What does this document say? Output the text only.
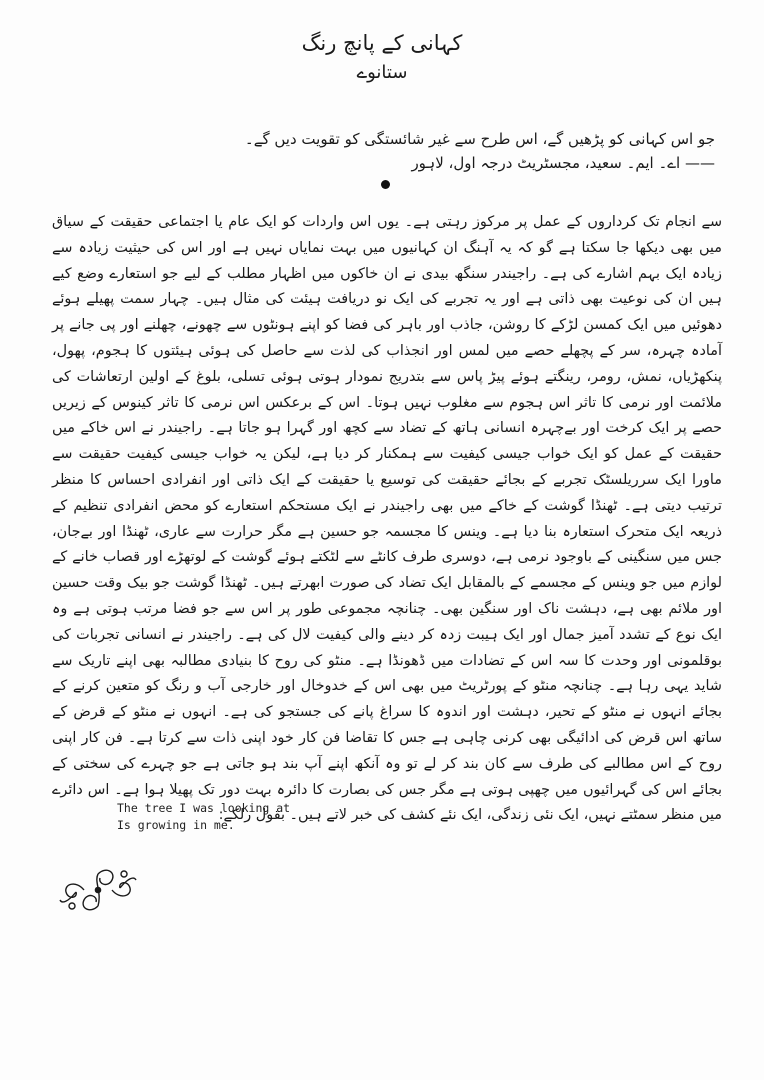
کہانی کے پانچ رنگ
ستانوے
جو اس کہانی کو پڑھیں گے، اس طرح سے غیر شائستگی کو تقویت دیں گے۔
—— اے۔ ایم۔ سعید، مجسٹریٹ درجہ اول، لاہور

سے انجام تک کرداروں کے عمل پر مرکوز رہتی ہے۔ یوں اس واردات کو ایک عام یا اجتماعی حقیقت کے سیاق میں بھی دیکھا جا سکتا ہے گو کہ یہ آہنگ ان کہانیوں میں بہت نمایاں نہیں ہے اور اس کی حیثیت زیادہ سے زیادہ ایک بہم اشارے کی ہے۔ راجیندر سنگھ بیدی نے ان خاکوں میں اظہار مطلب کے لیے جو استعارے وضع کیے ہیں ان کی نوعیت بھی ذاتی ہے اور یہ تجربے کی ایک نو دریافت ہیئت کی مثال ہیں۔ چہار سمت پھیلے ہوئے دھوئیں میں ایک کمسن لڑکے کا روشن، جاذب اور باہر کی فضا کو اپنے ہونٹوں سے چھونے، چھلنے اور پی جانے پر آمادہ چہرہ، سر کے پچھلے حصے میں لمس اور انجذاب کی لذت سے حاصل کی ہوئی ہیئتوں کا ہجوم، پھول، پنکھڑیاں، نمش، رومر، رینگتے ہوئے پیڑ پاس سے بتدریج نمودار ہوتی ہوئی تسلی، بلوغ کے اولین ارتعاشات کی ملائمت اور نرمی کا تاثر اس ہجوم سے مغلوب نہیں ہوتا۔ اس کے برعکس اس نرمی کا تاثر کینوس کے زیریں حصے پر ایک کرخت اور بےچہرہ انسانی ہاتھ کے تضاد سے کچھ اور گہرا ہو جاتا ہے۔ راجیندر نے اس خاکے میں حقیقت کے عمل کو ایک خواب جیسی کیفیت سے ہمکنار کر دیا ہے، لیکن یہ خواب جیسی کیفیت حقیقت سے ماورا ایک سرریلسٹک تجربے کے بجائے حقیقت کی توسیع یا حقیقت کے ایک ذاتی اور انفرادی احساس کا منظر ترتیب دیتی ہے۔ ٹھنڈا گوشت کے خاکے میں بھی راجیندر نے ایک مستحکم استعارے کو محض انفرادی تنظیم کے ذریعہ ایک متحرک استعارہ بنا دیا ہے۔ وینس کا مجسمہ جو حسین ہے مگر حرارت سے عاری، ٹھنڈا اور بےجان، جس میں سنگینی کے باوجود نرمی ہے، دوسری طرف کانٹے سے لٹکتے ہوئے گوشت کے لوتھڑے اور قصاب خانے کے لوازم میں جو وینس کے مجسمے کے بالمقابل ایک تضاد کی صورت ابھرتے ہیں۔ ٹھنڈا گوشت جو بیک وقت حسین اور ملائم بھی ہے، دہشت ناک اور سنگین بھی۔ چنانچہ مجموعی طور پر اس سے جو فضا مرتب ہوتی ہے وہ ایک نوع کے تشدد آمیز جمال اور ایک ہیبت زدہ کر دینے والی کیفیت لال کی ہے۔ راجیندر نے انسانی تجربات کی بوقلمونی اور وحدت کا سہ اس کے تضادات میں ڈھونڈا ہے۔ منٹو کی روح کا بنیادی مطالبہ بھی اپنے تاریک سے شاید یہی رہا ہے۔ چنانچہ منٹو کے پورٹریٹ میں بھی اس کے خدوخال اور خارجی آب و رنگ کو متعین کرنے کے بجائے انہوں نے منٹو کے تحیر، دہشت اور اندوہ کا سراغ پانے کی جستجو کی ہے۔ انہوں نے منٹو کے قرض کے ساتھ اس قرض کی ادائیگی بھی کرنی چاہی ہے جس کا تقاضا فن کار خود اپنی ذات سے کرتا ہے۔ فن کار اپنی روح کے اس مطالبے کی طرف سے کان بند کر لے تو وہ آنکھ اپنے آپ بند ہو جاتی ہے جو چہرے کی سختی کے بجائے اس کی گہرائیوں میں چھپی ہوتی ہے مگر جس کی بصارت کا دائرہ بہت دور تک پھیلا ہوا ہے۔ اس دائرے میں منظر سمٹتے نہیں، ایک نئی زندگی، ایک نئے کشف کی خبر لاتے ہیں۔ بقول رلکے:

The tree I was looking at
Is growing in me.
